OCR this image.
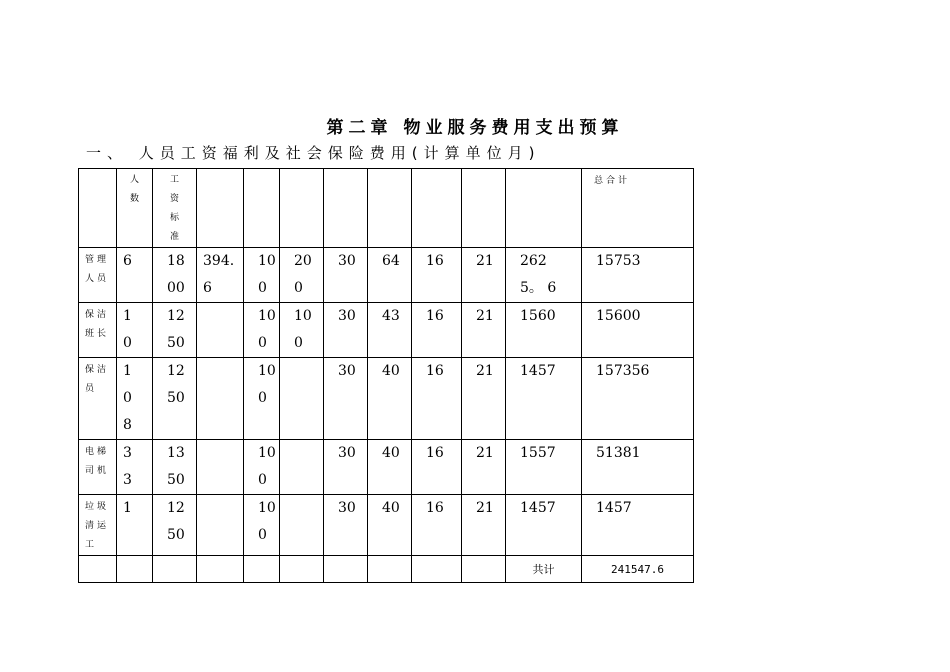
第二章 物业服务费用支出预算
一、 人员工资福利及社会保险费用(计算单位月)

	人数	工资标准									总合计
管理人员	6	1800	394.6	100	200	30	64	16	21	2625。 6	15753
保洁班长	10	1250		100	100	30	43	16	21	1560	15600
保洁员	108	1250		100		30	40	16	21	1457	157356
电梯司机	33	1350		100		30	40	16	21	1557	51381
垃圾清运工	1	1250		100		30	40	16	21	1457	1457
										共计	241547.6
